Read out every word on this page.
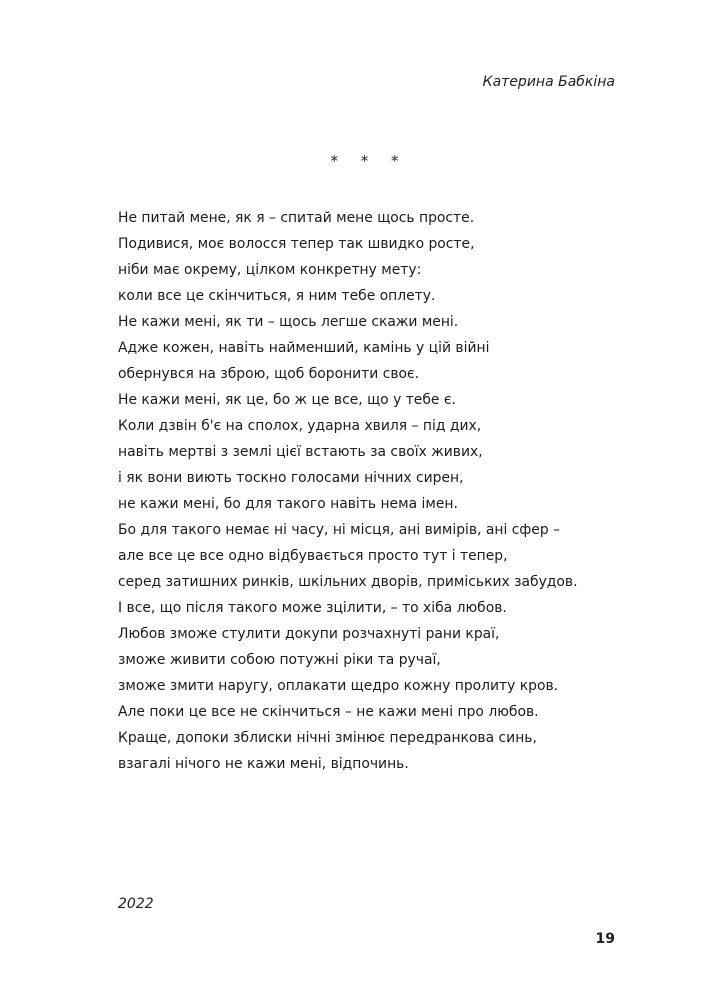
Катерина Бабкіна
* * *
Не питай мене, як я – спитай мене щось просте.
Подивися, моє волосся тепер так швидко росте,
ніби має окрему, цілком конкретну мету:
коли все це скінчиться, я ним тебе оплету.
Не кажи мені, як ти – щось легше скажи мені.
Адже кожен, навіть найменший, камінь у цій війні
обернувся на зброю, щоб боронити своє.
Не кажи мені, як це, бо ж це все, що у тебе є.
Коли дзвін б'є на сполох, ударна хвиля – під дих,
навіть мертві з землі цієї встають за своїх живих,
і як вони виють тоскно голосами нічних сирен,
не кажи мені, бо для такого навіть нема імен.
Бо для такого немає ні часу, ні місця, ані вимірів, ані сфер –
але все це все одно відбувається просто тут і тепер,
серед затишних ринків, шкільних дворів, приміських забудов.
І все, що після такого може зцілити, – то хіба любов.
Любов зможе стулити докупи розчахнуті рани краї,
зможе живити собою потужні ріки та ручаї,
зможе змити наругу, оплакати щедро кожну пролиту кров.
Але поки це все не скінчиться – не кажи мені про любов.
Краще, допоки зблиски нічні змінює передранкова синь,
взагалі нічого не кажи мені, відпочинь.
2022
19
